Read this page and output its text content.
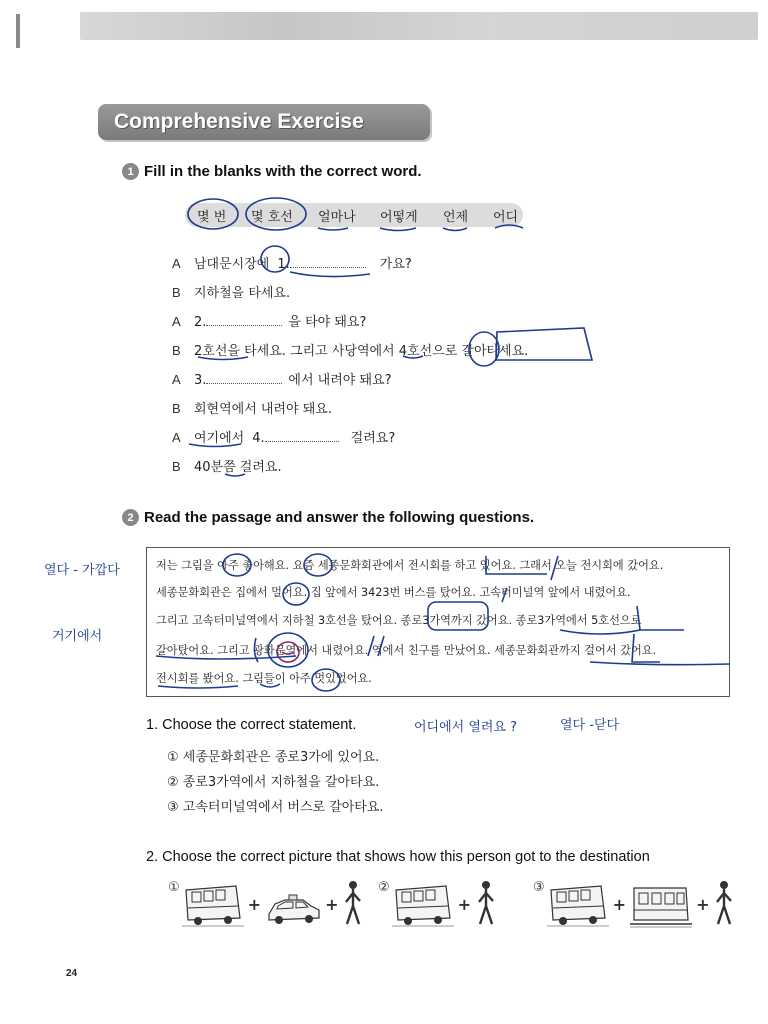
Comprehensive Exercise
1 Fill in the blanks with the correct word.
몇 번 몇 호선 얼마나 어떻게 언제 어디
A	남대문시장에 1.	가요?
B	지하철을 타세요.
A	2.	을 타야 돼요?
B	2호선을 타세요. 그리고 사당역에서 4호선으로 갈아타세요.
A	3.	에서 내려야 돼요?
B	회현역에서 내려야 돼요.
A	여기에서 4.	걸려요?
B	40분쯤 걸려요.
2 Read the passage and answer the following questions.
열다 - 가깝다
거기에서
저는 그림을 아주 좋아해요. 요즘 세종문화회관에서 전시회를 하고 있어요. 그래서 오늘 전시회에 갔어요.
세종문화회관은 집에서 멀어요. 집 앞에서 3423번 버스를 탔어요. 고속터미널역 앞에서 내렸어요.
그리고 고속터미널역에서 지하철 3호선을 탔어요. 종로3가역까지 갔어요. 종로3가역에서 5호선으로
갈아탔어요. 그리고 광화문역에서 내렸어요. 역에서 친구를 만났어요. 세종문화회관까지 걸어서 갔어요.
전시회를 봤어요. 그림들이 아주 멋있었어요.
1. Choose the correct statement.	어디에서 열려요 ?	열다 -닫다
① 세종문화회관은 종로3가에 있어요.
② 종로3가역에서 지하철을 갈아타요.
③ 고속터미널역에서 버스로 갈아타요.
2. Choose the correct picture that shows how this person got to the destination
①
+	+
②
+
③
+	+
24
